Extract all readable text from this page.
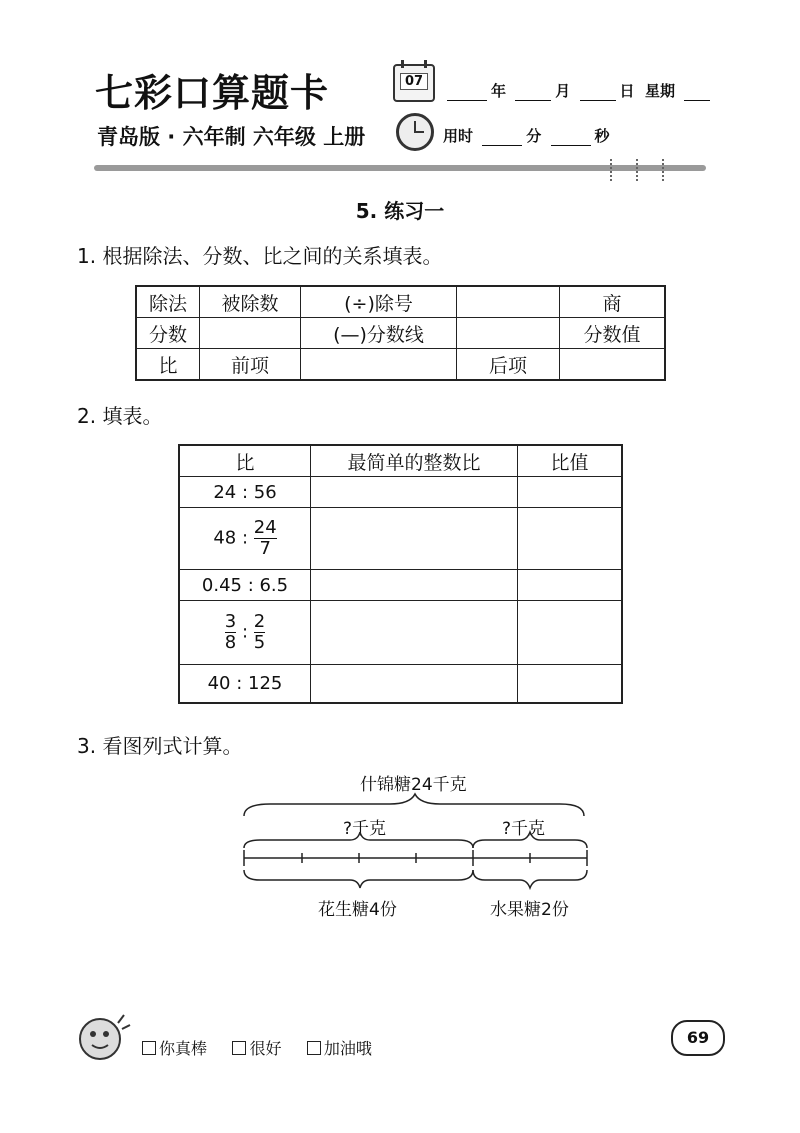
七彩口算题卡
青岛版 · 六年制 六年级 上册
07
年	月	日 星期
用时	分	秒
5. 练习一
1. 根据除法、分数、比之间的关系填表。
除法	被除数	(÷)除号		商
分数		(—)分数线		分数值
比	前项		后项	
2. 填表。
比	最简单的整数比	比值
24 : 56		
48 : $\frac{24}{7}$

0.45 : 6.5		

$\frac{3}{8}$ : $\frac{2}{5}$

40 : 125		
3. 看图列式计算。
什锦糖24千克
?千克	?千克
花生糖4份	水果糖2份
你真棒	很好	加油哦
69
